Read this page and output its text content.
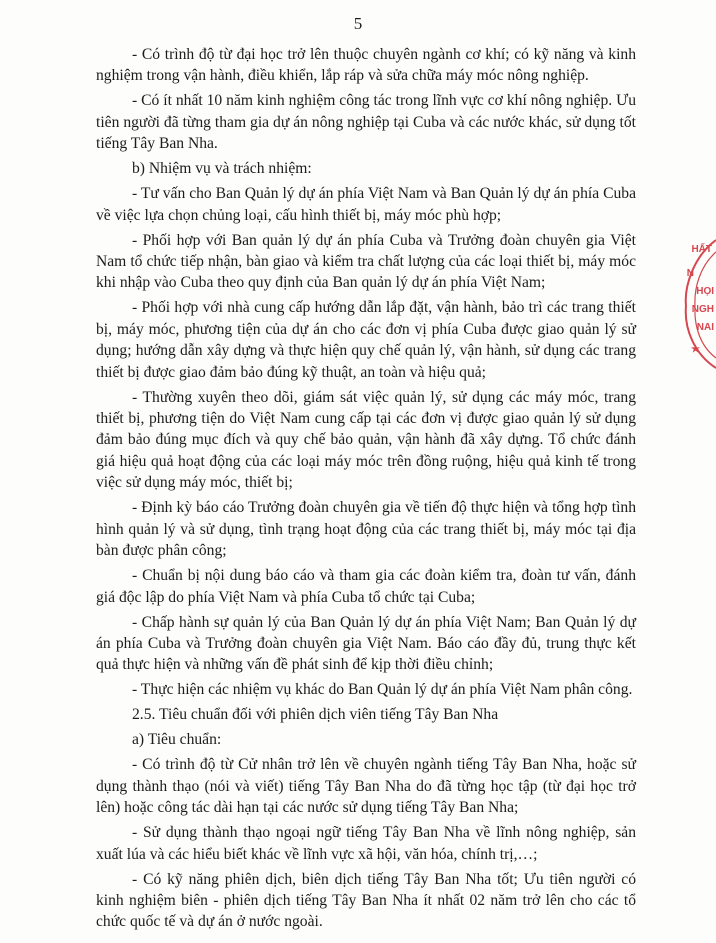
5

- Có trình độ từ đại học trở lên thuộc chuyên ngành cơ khí; có kỹ năng và kinh nghiệm trong vận hành, điều khiển, lắp ráp và sửa chữa máy móc nông nghiệp.

- Có ít nhất 10 năm kinh nghiệm công tác trong lĩnh vực cơ khí nông nghiệp. Ưu tiên người đã từng tham gia dự án nông nghiệp tại Cuba và các nước khác, sử dụng tốt tiếng Tây Ban Nha.

b) Nhiệm vụ và trách nhiệm:

- Tư vấn cho Ban Quản lý dự án phía Việt Nam và Ban Quản lý dự án phía Cuba về việc lựa chọn chủng loại, cấu hình thiết bị, máy móc phù hợp;

- Phối hợp với Ban quản lý dự án phía Cuba và Trưởng đoàn chuyên gia Việt Nam tổ chức tiếp nhận, bàn giao và kiểm tra chất lượng của các loại thiết bị, máy móc khi nhập vào Cuba theo quy định của Ban quản lý dự án phía Việt Nam;

- Phối hợp với nhà cung cấp hướng dẫn lắp đặt, vận hành, bảo trì các trang thiết bị, máy móc, phương tiện của dự án cho các đơn vị phía Cuba được giao quản lý sử dụng; hướng dẫn xây dựng và thực hiện quy chế quản lý, vận hành, sử dụng các trang thiết bị được giao đảm bảo đúng kỹ thuật, an toàn và hiệu quả;

- Thường xuyên theo dõi, giám sát việc quản lý, sử dụng các máy móc, trang thiết bị, phương tiện do Việt Nam cung cấp tại các đơn vị được giao quản lý sử dụng đảm bảo đúng mục đích và quy chế bảo quản, vận hành đã xây dựng. Tổ chức đánh giá hiệu quả hoạt động của các loại máy móc trên đồng ruộng, hiệu quả kinh tế trong việc sử dụng máy móc, thiết bị;

- Định kỳ báo cáo Trưởng đoàn chuyên gia về tiến độ thực hiện và tổng hợp tình hình quản lý và sử dụng, tình trạng hoạt động của các trang thiết bị, máy móc tại địa bàn được phân công;

- Chuẩn bị nội dung báo cáo và tham gia các đoàn kiểm tra, đoàn tư vấn, đánh giá độc lập do phía Việt Nam và phía Cuba tổ chức tại Cuba;

- Chấp hành sự quản lý của Ban Quản lý dự án phía Việt Nam; Ban Quản lý dự án phía Cuba và Trưởng đoàn chuyên gia Việt Nam. Báo cáo đầy đủ, trung thực kết quả thực hiện và những vấn đề phát sinh để kịp thời điều chỉnh;

- Thực hiện các nhiệm vụ khác do Ban Quản lý dự án phía Việt Nam phân công.

2.5. Tiêu chuẩn đối với phiên dịch viên tiếng Tây Ban Nha

a) Tiêu chuẩn:

- Có trình độ từ Cử nhân trở lên về chuyên ngành tiếng Tây Ban Nha, hoặc sử dụng thành thạo (nói và viết) tiếng Tây Ban Nha do đã từng học tập (từ đại học trở lên) hoặc công tác dài hạn tại các nước sử dụng tiếng Tây Ban Nha;

- Sử dụng thành thạo ngoại ngữ tiếng Tây Ban Nha về lĩnh nông nghiệp, sản xuất lúa và các hiểu biết khác về lĩnh vực xã hội, văn hóa, chính trị,…;

- Có kỹ năng phiên dịch, biên dịch tiếng Tây Ban Nha tốt; Ưu tiên người có kinh nghiệm biên - phiên dịch tiếng Tây Ban Nha ít nhất 02 năm trở lên cho các tổ chức quốc tế và dự án ở nước ngoài.

HẤT
N
HỌI
NGH
NAI
★
